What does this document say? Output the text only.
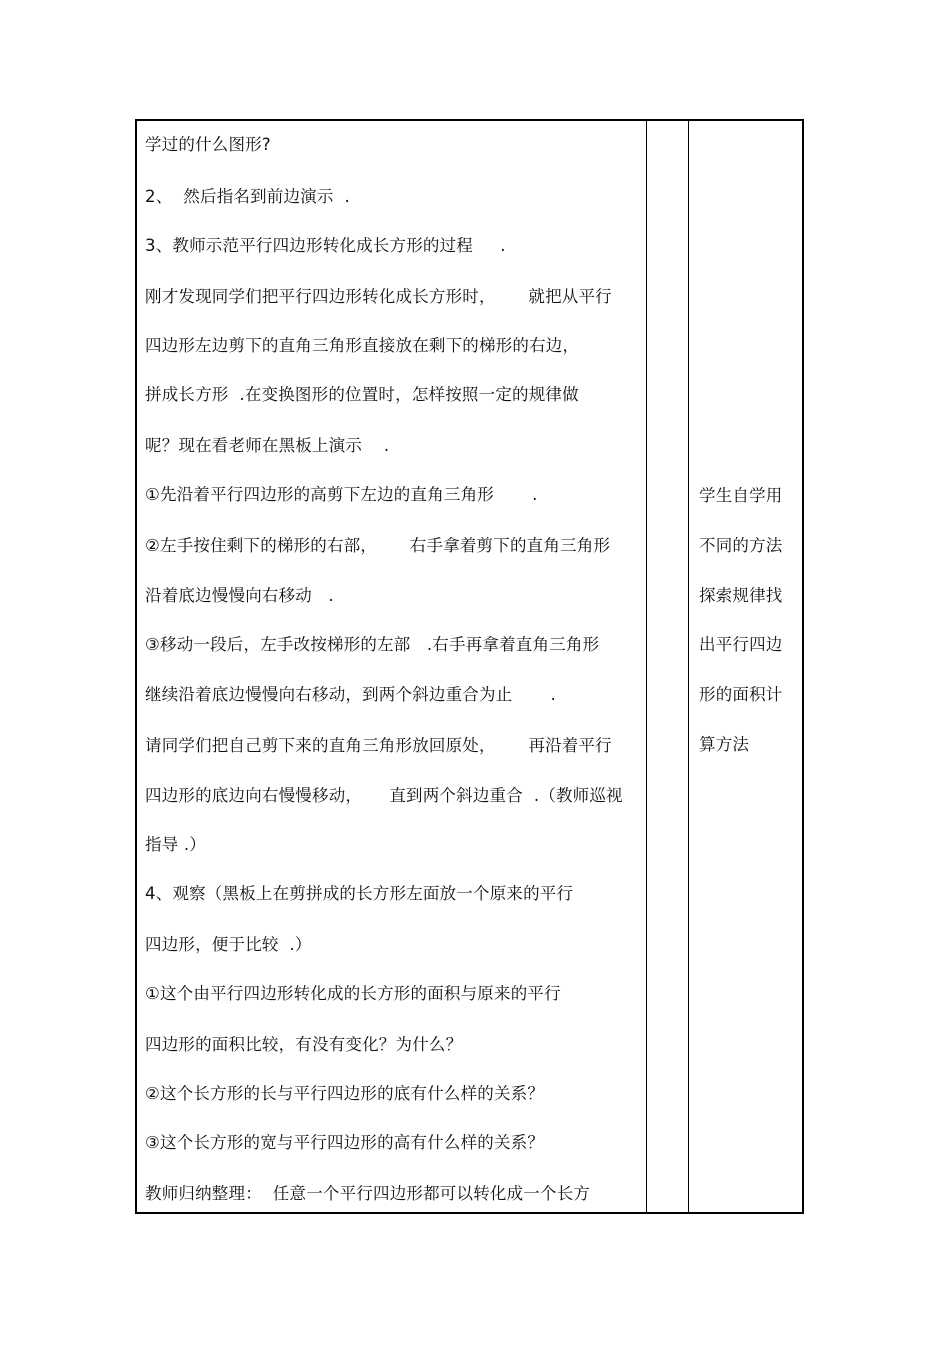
学过的什么图形?
2、  然后指名到前边演示  .
3、教师示范平行四边形转化成长方形的过程     .
刚才发现同学们把平行四边形转化成长方形时，      就把从平行
四边形左边剪下的直角三角形直接放在剩下的梯形的右边，
拼成长方形  .在变换图形的位置时，怎样按照一定的规律做
呢？现在看老师在黑板上演示    .
①先沿着平行四边形的高剪下左边的直角三角形       .
②左手按住剩下的梯形的右部，      右手拿着剪下的直角三角形
沿着底边慢慢向右移动   .
③移动一段后，左手改按梯形的左部   .右手再拿着直角三角形
继续沿着底边慢慢向右移动，到两个斜边重合为止       .
请同学们把自己剪下来的直角三角形放回原处，      再沿着平行
四边形的底边向右慢慢移动，     直到两个斜边重合  .（教师巡视
指导 .）
4、观察（黑板上在剪拼成的长方形左面放一个原来的平行
四边形，便于比较  .）
①这个由平行四边形转化成的长方形的面积与原来的平行
四边形的面积比较，有没有变化？为什么？
②这个长方形的长与平行四边形的底有什么样的关系？
③这个长方形的宽与平行四边形的高有什么样的关系？
教师归纳整理：  任意一个平行四边形都可以转化成一个长方
学生自学用
不同的方法
探索规律找
出平行四边
形的面积计
算方法
